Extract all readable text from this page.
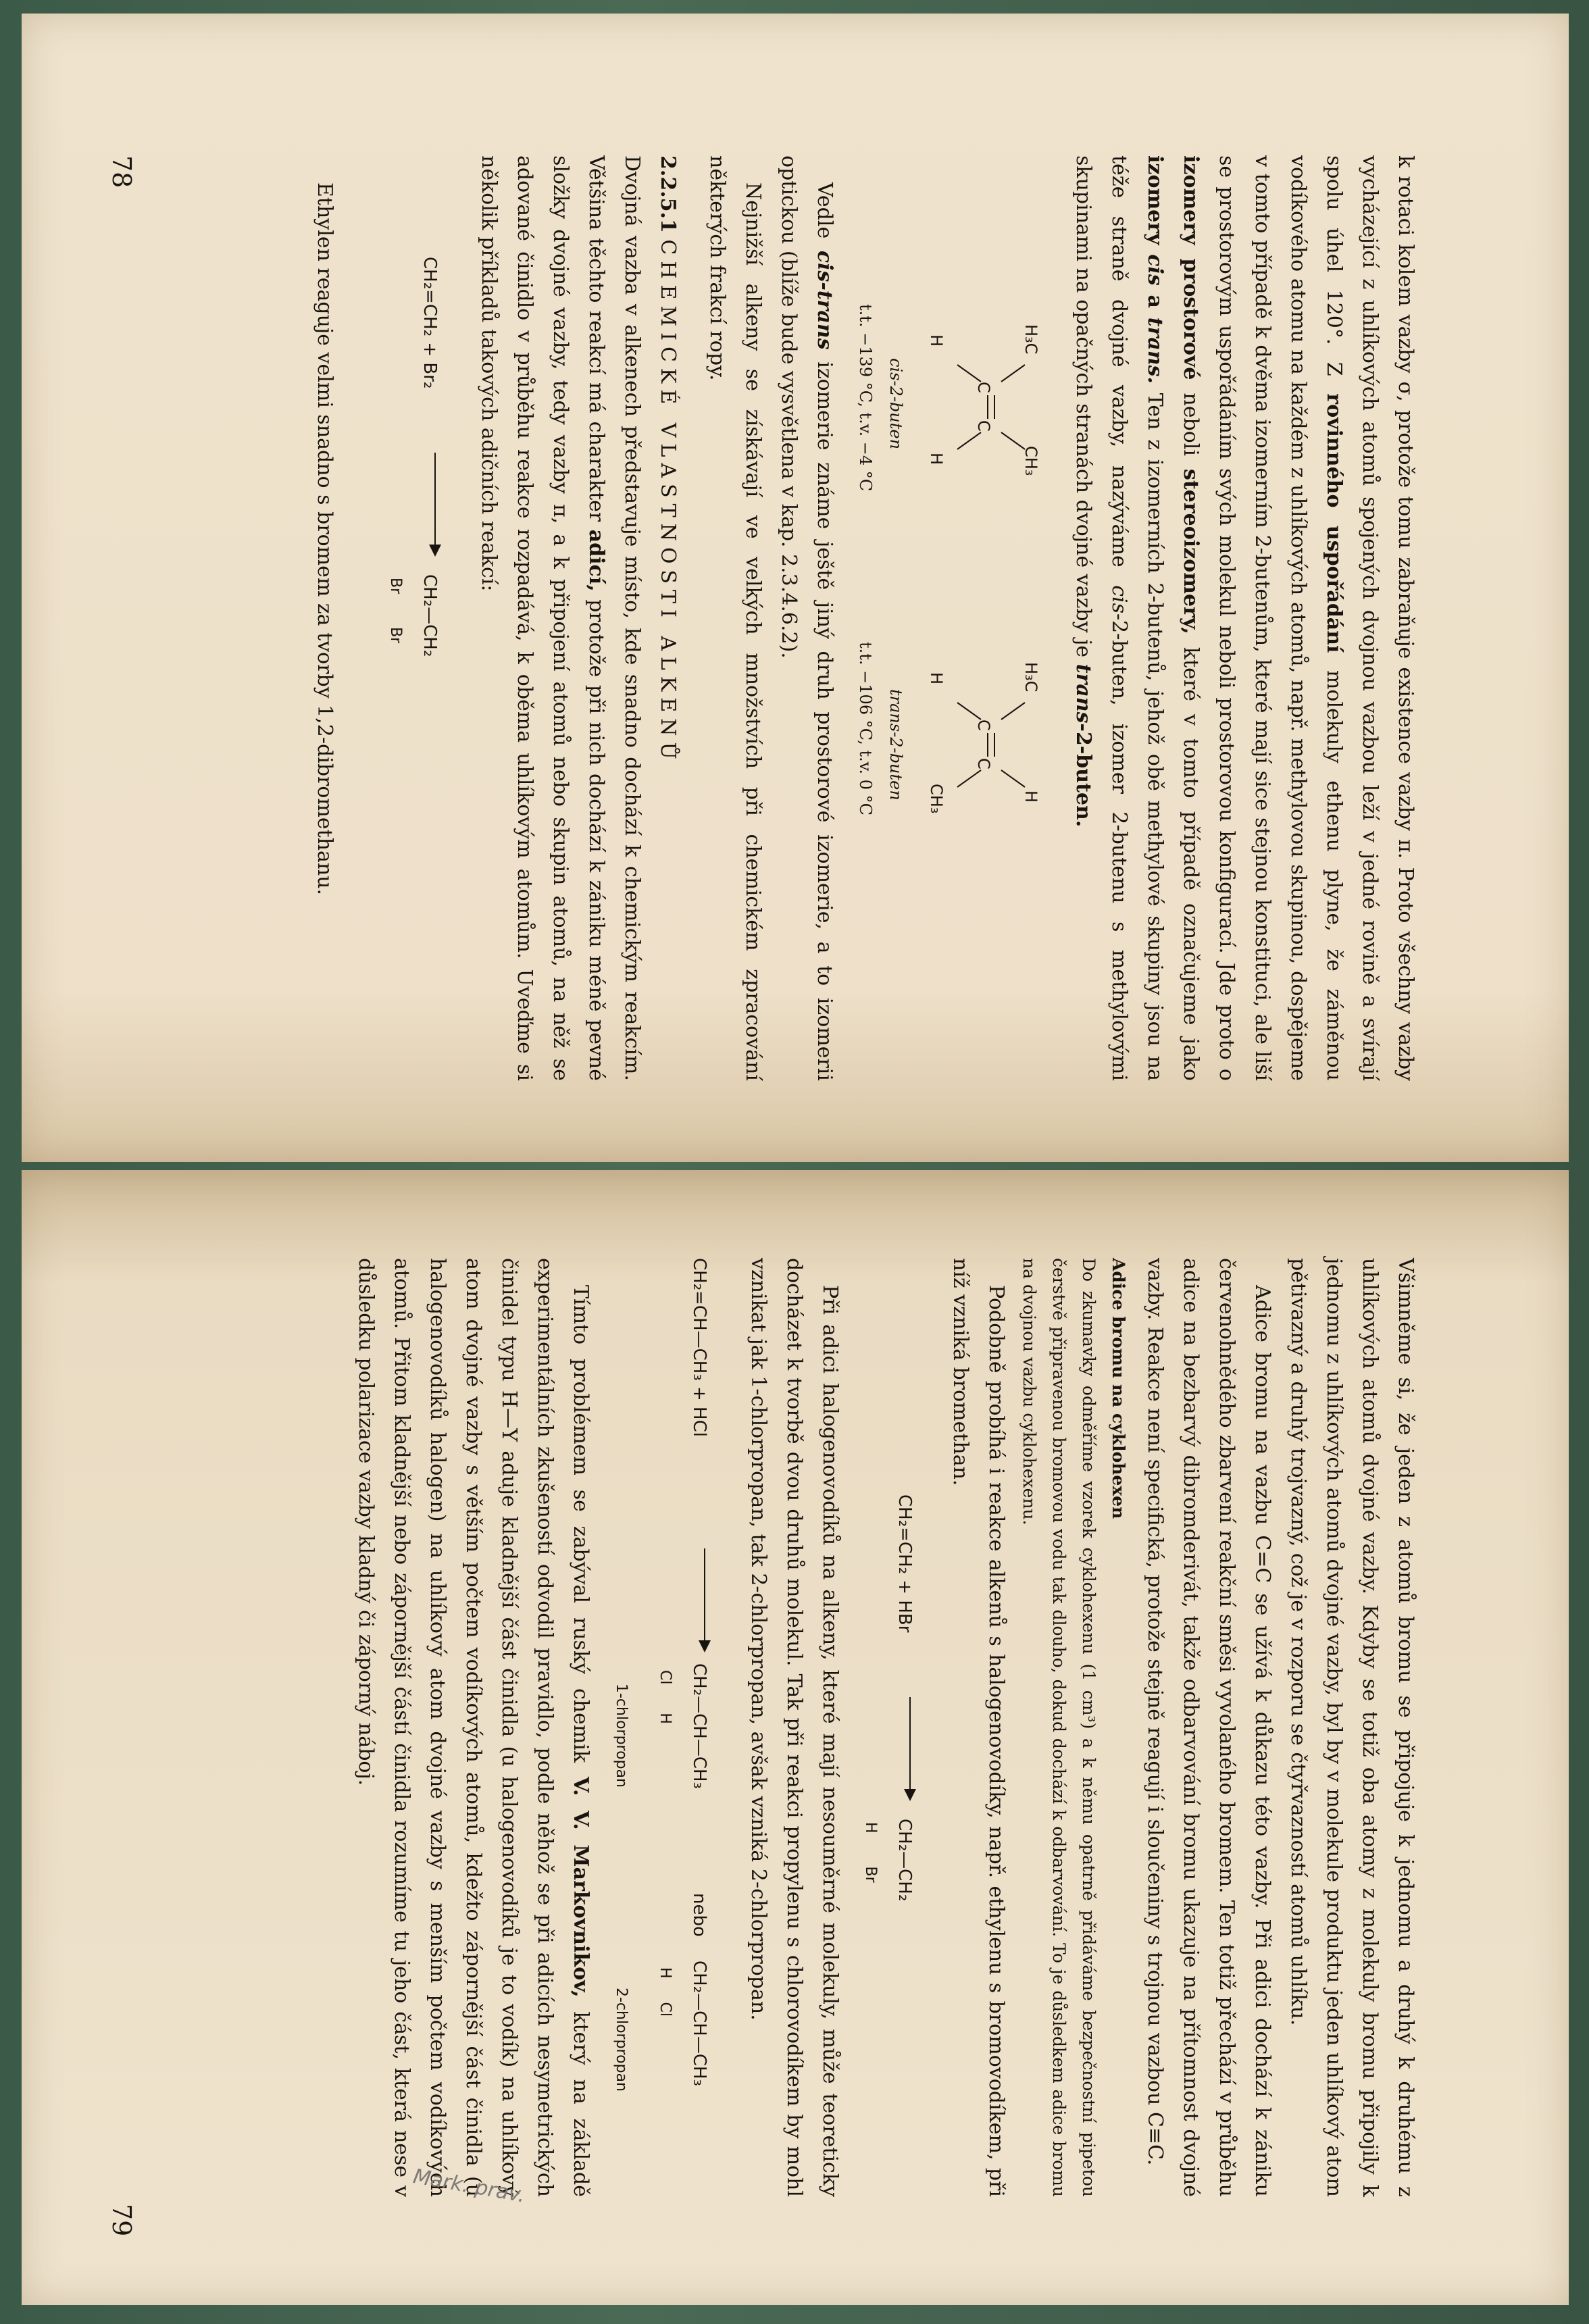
k rotaci kolem vazby σ, protože tomu zabraňuje existence vazby π. Proto všechny vazby vycházející z uhlíkových atomů spojených dvojnou vazbou leží v jedné rovině a svírají spolu úhel 120°. Z rovinného uspořádání molekuly ethenu plyne, že záměnou vodíkového atomu na každém z uhlíkových atomů, např. methylovou skupinou, dospějeme v tomto případě k dvěma izomerním 2-butenům, které mají sice stejnou konstituci, ale liší se prostorovým uspořádáním svých molekul neboli prostorovou konfigurací. Jde proto o izomery prostorové neboli stereoizomery, které v tomto případě označujeme jako izomery cis a trans. Ten z izomerních 2-butenů, jehož obě methylové skupiny jsou na téže straně dvojné vazby, nazýváme cis-2-buten, izomer 2-butenu s methylovými skupinami na opačných stranách dvojné vazby je trans-2-buten.

H₃C
H
C
C
CH₃
H
H₃C
H
C
C
H
CH₃
cis-2-buten
t.t. −139 °C, t.v. −4 °C
trans-2-buten
t.t. −106 °C, t.v. 0 °C

Vedle cis-trans izomerie známe ještě jiný druh prostorové izomerie, a to izomerii optickou (blíže bude vysvětlena v kap. 2.3.4.6.2).

Nejnižší alkeny se získávají ve velkých množstvích při chemickém zpracování některých frakcí ropy.

2.2.5.1 CHEMICKÉ VLASTNOSTI ALKENŮ

Dvojná vazba v alkenech představuje místo, kde snadno dochází k chemickým reakcím. Většina těchto reakcí má charakter adicí, protože při nich dochází k zániku méně pevné složky dvojné vazby, tedy vazby π, a k připojení atomů nebo skupin atomů, na něž se adované činidlo v průběhu reakce rozpadává, k oběma uhlíkovým atomům. Uveďme si několik příkladů takových adičních reakcí:

CH₂=CH₂ + Br₂
CH₂—CH₂
Br       Br

Ethylen reaguje velmi snadno s bromem za tvorby 1,2-dibromethanu.

78

Všimněme si, že jeden z atomů bromu se připojuje k jednomu a druhý k druhému z uhlíkových atomů dvojné vazby. Kdyby se totiž oba atomy z molekuly bromu připojily k jednomu z uhlíkových atomů dvojné vazby, byl by v molekule produktu jeden uhlíkový atom pětivazný a druhý trojvazný, což je v rozporu se čtyřvazností atomů uhlíku.

Adice bromu na vazbu C=C se užívá k důkazu této vazby. Při adici dochází k zániku červenohnědého zbarvení reakční směsi vyvolaného bromem. Ten totiž přechází v průběhu adice na bezbarvý dibromderivát, takže odbarvování bromu ukazuje na přítomnost dvojné vazby. Reakce není specifická, protože stejně reagují i sloučeniny s trojnou vazbou C≡C.

Adice bromu na cyklohexen

Do zkumavky odměříme vzorek cyklohexenu (1 cm³) a k němu opatrně přidáváme bezpečnostní pipetou čerstvě připravenou bromovou vodu tak dlouho, dokud dochází k odbarvování. To je důsledkem adice bromu na dvojnou vazbu cyklohexenu.

Podobně probíhá i reakce alkenů s halogenovodíky, např. ethylenu s bromovodíkem, při níž vzniká bromethan.

CH₂=CH₂ + HBr
CH₂—CH₂
H       Br

Při adici halogenovodíků na alkeny, které mají nesouměrné molekuly, může teoreticky docházet k tvorbě dvou druhů molekul. Tak při reakci propylenu s chlorovodíkem by mohl vznikat jak 1-chlorpropan, tak 2-chlorpropan, avšak vzniká 2-chlorpropan.

CH₂=CH—CH₃ + HCl
CH₂—CH—CH₃
Cl      H
nebo
CH₂—CH—CH₃
H     Cl
1-chlorpropan
2-chlorpropan

Tímto problémem se zabýval ruský chemik V. V. Markovnikov, který na základě experimentálních zkušeností odvodil pravidlo, podle něhož se při adicích nesymetrických činidel typu H—Y aduje kladnější část činidla (u halogenovodíků je to vodík) na uhlíkový atom dvojné vazby s větším počtem vodíkových atomů, kdežto zápornější část činidla (u halogenovodíků halogen) na uhlíkový atom dvojné vazby s menším počtem vodíkových atomů. Přitom kladnější nebo zápornější částí činidla rozumíme tu jeho část, která nese v důsledku polarizace vazby kladný či záporný náboj.

Mark. prav.
79
